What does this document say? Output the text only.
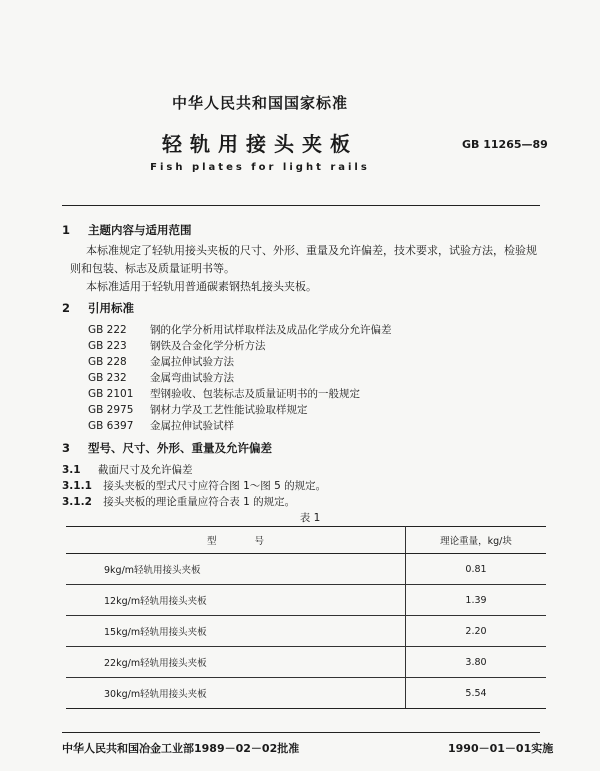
中华人民共和国国家标准
轻轨用接头夹板	GB 11265—89
Fish plates for light rails
1 主题内容与适用范围
本标准规定了轻轨用接头夹板的尺寸、外形、重量及允许偏差，技术要求，试验方法，检验规则和包装、标志及质量证明书等。
本标准适用于轻轨用普通碳素钢热轧接头夹板。
2 引用标准
GB 222 钢的化学分析用试样取样法及成品化学成分允许偏差
GB 223 钢铁及合金化学分析方法
GB 228 金属拉伸试验方法
GB 232 金属弯曲试验方法
GB 2101 型钢验收、包装标志及质量证明书的一般规定
GB 2975 钢材力学及工艺性能试验取样规定
GB 6397 金属拉伸试验试样
3 型号、尺寸、外形、重量及允许偏差
3.1 截面尺寸及允许偏差
3.1.1 接头夹板的型式尺寸应符合图 1～图 5 的规定。
3.1.2 接头夹板的理论重量应符合表 1 的规定。
表 1
型　　　　号	理论重量，kg/块
9kg/m轻轨用接头夹板	0.81
12kg/m轻轨用接头夹板	1.39
15kg/m轻轨用接头夹板	2.20
22kg/m轻轨用接头夹板	3.80
30kg/m轻轨用接头夹板	5.54
中华人民共和国冶金工业部1989－02－02批准	1990－01－01实施
